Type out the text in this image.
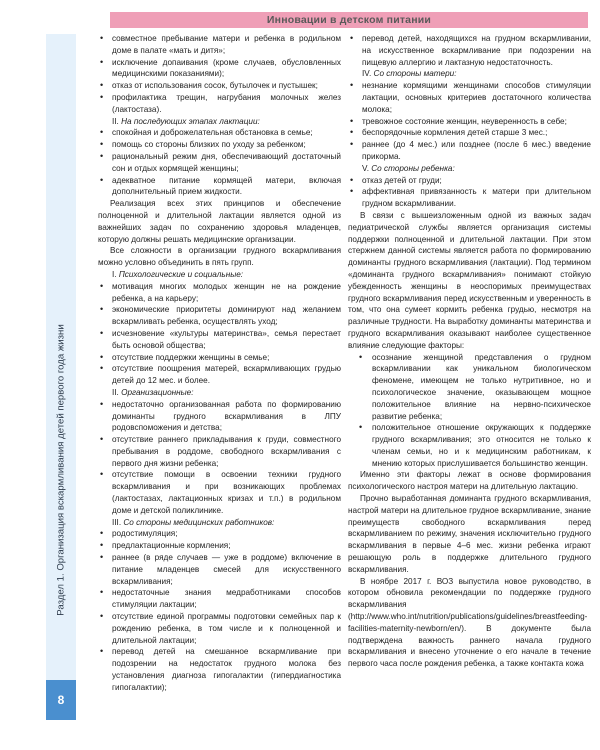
Инновации в детском питании
Раздел 1. Организация вскармливания детей первого года жизни
8
• совместное пребывание матери и ребенка в родильном доме в палате «мать и дитя»;
• исключение допаивания (кроме случаев, обусловленных медицинскими показаниями);
• отказ от использования сосок, бутылочек и пустышек;
• профилактика трещин, нагрубания молочных желез (лактостаза).
II. На последующих этапах лактации:
• спокойная и доброжелательная обстановка в семье;
• помощь со стороны близких по уходу за ребенком;
• рациональный режим дня, обеспечивающий достаточный сон и отдых кормящей женщины;
• адекватное питание кормящей матери, включая дополнительный прием жидкости.

Реализация всех этих принципов и обеспечение полноценной и длительной лактации является одной из важнейших задач по сохранению здоровья младенцев, которую должны решать медицинские организации.

Все сложности в организации грудного вскармливания можно условно объединить в пять групп.

I. Психологические и социальные:
• мотивация многих молодых женщин не на рождение ребенка, а на карьеру;
• экономические приоритеты доминируют над желанием вскармливать ребенка, осуществлять уход;
• исчезновение «культуры материнства», семья перестает быть основой общества;
• отсутствие поддержки женщины в семье;
• отсутствие поощрения матерей, вскармливающих грудью детей до 12 мес. и более.
II. Организационные:
• недостаточно организованная работа по формированию доминанты грудного вскармливания в ЛПУ родовспоможения и детства;
• отсутствие раннего прикладывания к груди, совместного пребывания в роддоме, свободного вскармливания с первого дня жизни ребенка;
• отсутствие помощи в освоении техники грудного вскармливания и при возникающих проблемах (лактостазах, лактационных кризах и т.п.) в родильном доме и детской поликлинике.
III. Со стороны медицинских работников:
• родостимуляция;
• предлактационные кормления;
• раннее (в ряде случаев — уже в роддоме) включение в питание младенцев смесей для искусственного вскармливания;
• недостаточные знания медработниками способов стимуляции лактации;
• отсутствие единой программы подготовки семейных пар к рождению ребенка, в том числе и к полноценной и длительной лактации;
• перевод детей на смешанное вскармливание при подозрении на недостаток грудного молока без установления диагноза гипогалактии (гипердиагностика гипогалактии);
• перевод детей, находящихся на грудном вскармливании, на искусственное вскармливание при подозрении на пищевую аллергию и лактазную недостаточность.
IV. Со стороны матери:
• незнание кормящими женщинами способов стимуляции лактации, основных критериев достаточного количества молока;
• тревожное состояние женщин, неуверенность в себе;
• беспорядочные кормления детей старше 3 мес.;
• раннее (до 4 мес.) или позднее (после 6 мес.) введение прикорма.
V. Со стороны ребенка:
• отказ детей от груди;
• аффективная привязанность к матери при длительном грудном вскармливании.

В связи с вышеизложенным одной из важных задач педиатрической службы является организация системы поддержки полноценной и длительной лактации. При этом стержнем данной системы является работа по формированию доминанты грудного вскармливания (лактации). Под термином «доминанта грудного вскармливания» понимают стойкую убежденность женщины в неоспоримых преимуществах грудного вскармливания перед искусственным и уверенность в том, что она сумеет кормить ребенка грудью, несмотря на различные трудности. На выработку доминанты материнства и грудного вскармливания оказывают наиболее существенное влияние следующие факторы:

• осознание женщиной представления о грудном вскармливании как уникальном биологическом феномене, имеющем не только нутритивное, но и психологическое значение, оказывающем мощное положительное влияние на нервно-психическое развитие ребенка;
• положительное отношение окружающих к поддержке грудного вскармливания; это относится не только к членам семьи, но и к медицинским работникам, к мнению которых прислушивается большинство женщин.

Именно эти факторы лежат в основе формирования психологического настроя матери на длительную лактацию.

Прочно выработанная доминанта грудного вскармливания, настрой матери на длительное грудное вскармливание, знание преимуществ свободного вскармливания перед вскармливанием по режиму, значения исключительно грудного вскармливания в первые 4–6 мес. жизни ребенка играют решающую роль в поддержке длительного грудного вскармливания.

В ноябре 2017 г. ВОЗ выпустила новое руководство, в котором обновила рекомендации по поддержке грудного вскармливания (http://www.who.int/nutrition/publications/guidelines/breastfeeding-facilities-maternity-newborn/en/). В документе была подтверждена важность раннего начала грудного вскармливания и внесено уточнение о его начале в течение первого часа после рождения ребенка, а также контакта кожа
